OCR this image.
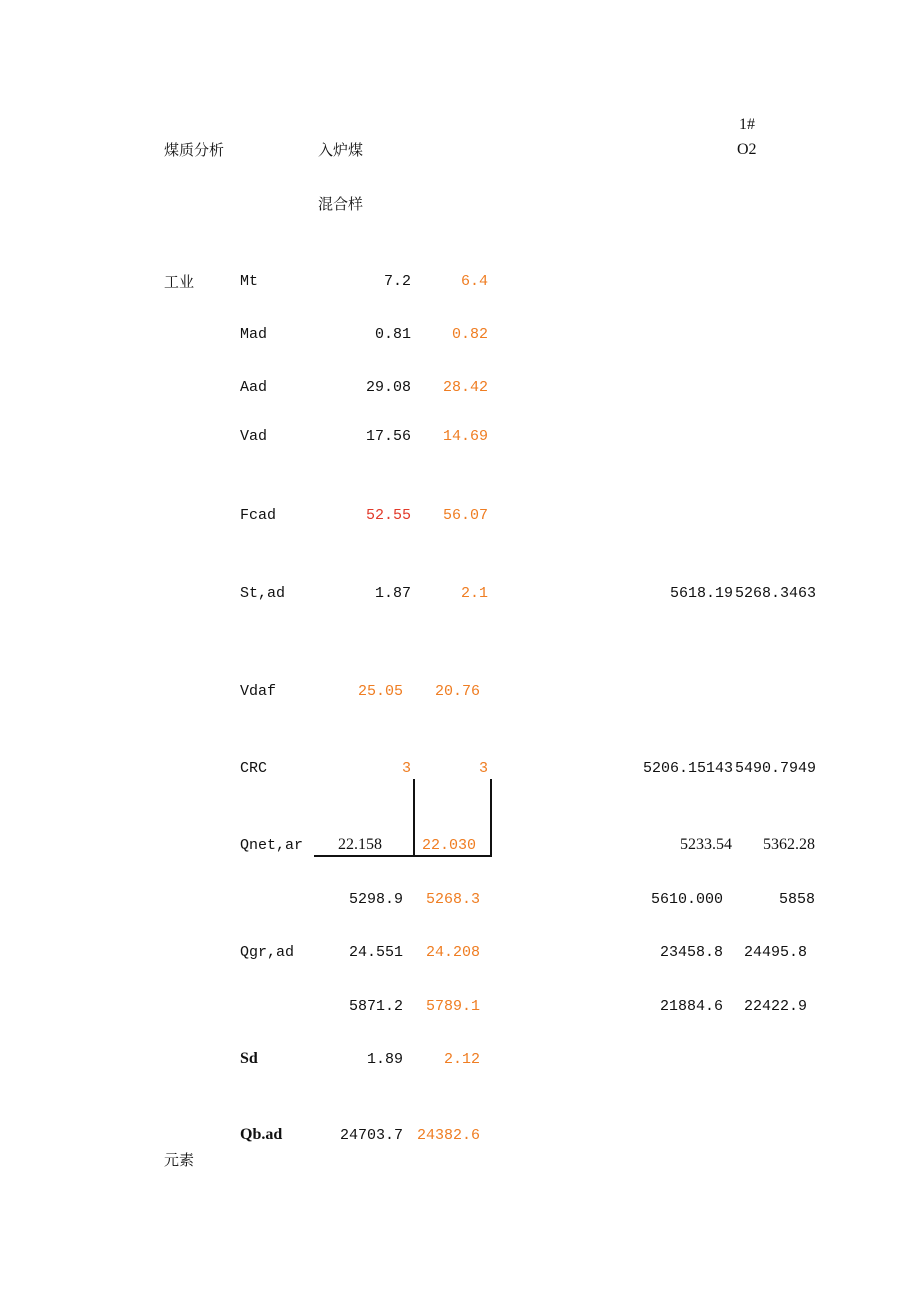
煤质分析	入炉煤
混合样
1#
O2
工业
元素
Mt	7.2	6.4
Mad	0.81	0.82
Aad	29.08	28.42
Vad	17.56	14.69
Fcad	52.55	56.07
St,ad	1.87	2.1	5618.19 5268.3463
Vdaf	25.05	20.76
CRC	3	3	5206.15143 5490.7949
Qnet,ar 22.158	22.030	5233.54	5362.28
5298.9	5268.3	5610.000	5858
Qgr,ad	24.551	24.208	23458.8	24495.8
5871.2	5789.1	21884.6	22422.9
Sd	1.89	2.12
Qb.ad	24703.7 24382.6
